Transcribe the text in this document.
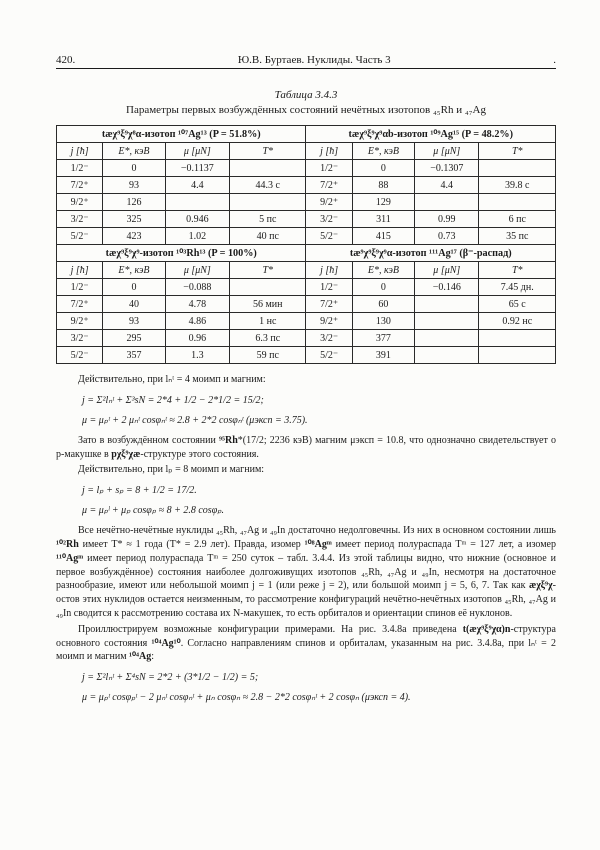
420.	Ю.В. Буртаев. Нуклиды. Часть 3	.
Таблица 3.4.3
Параметры первых возбуждённых состояний нечётных изотопов ₄₅Rh и ₄₇Ag
tæχ⁹ξ⁹χ⁸α-изотоп ¹⁰⁷Ag¹³ (P = 51.8%)				tæχ⁹ξ⁹χ⁹αb-изотоп ¹⁰⁹Ag¹⁵ (P = 48.2%)			
j [ħ]	E*, кэВ	μ [μN]	T*	j [ħ]	E*, кэВ	μ [μN]	T*
1/2⁻	0	−0.1137		1/2⁻	0	−0.1307	
7/2⁺	93	4.4	44.3 с	7/2⁺	88	4.4	39.8 с
9/2⁺	126			9/2⁺	129		
3/2⁻	325	0.946	5 пс	3/2⁻	311	0.99	6 пс
5/2⁻	423	1.02	40 пс	5/2⁻	415	0.73	35 пс
tæχ⁹ξ⁹χ⁹-изотоп ¹⁰³Rh¹³ (P = 100%)				tæ⁹χ⁹ξ⁹χ⁹α-изотоп ¹¹¹Ag¹⁷ (β⁻-распад)			
j [ħ]	E*, кэВ	μ [μN]	T*	j [ħ]	E*, кэВ	μ [μN]	T*
1/2⁻	0	−0.088		1/2⁻	0	−0.146	7.45 дн.
7/2⁺	40	4.78	56 мин	7/2⁺	60		65 с
9/2⁺	93	4.86	1 нс	9/2⁺	130		0.92 нс
3/2⁻	295	0.96	6.3 пс	3/2⁻	377		
5/2⁻	357	1.3	59 пс	5/2⁻	391		
Действительно, при lₙᵗ = 4 моимп и магним:
j = Σ²lₙᵗ + Σ³sN = 2*4 + 1/2 − 2*1/2 = 15/2;
μ = μₚᵗ + 2 μₙᵗ cosφₙᵗ ≈ 2.8 + 2*2 cosφₙᵗ (μэксп = 3.75).
Зато в возбуждённом состоянии ⁹⁵Rh*(17/2; 2236 кэВ) магним μэксп = 10.8, что однозначно свидетельствует о p-макушке в pχξ⁹χæ-структуре этого состояния.
Действительно, при lₚ = 8 моимп и магним:
j = lₚ + sₚ = 8 + 1/2 = 17/2.
μ = μₚˡ + μₚ cosφₚ ≈ 8 + 2.8 cosφₚ.
Все нечётно-нечётные нуклиды ₄₅Rh, ₄₇Ag и ₄₉In достаточно недолговечны. Из них в основном состоянии лишь ¹⁰²Rh имеет T* ≈ 1 года (T* = 2.9 лет). Правда, изомер ¹⁰⁸Agᵐ имеет период полураспада Tᵐ = 127 лет, а изомер ¹¹⁰Agᵐ имеет период полураспада Tᵐ = 250 суток – табл. 3.4.4. Из этой таблицы видно, что нижние (основное и первое возбуждённое) состояния наиболее долгоживущих изотопов ₄₅Rh, ₄₇Ag и ₄₉In, несмотря на достаточное разнообразие, имеют или небольшой моимп j = 1 (или реже j = 2), или большой моимп j = 5, 6, 7. Так как æχξ⁹χ-остов этих нуклидов остается неизменным, то рассмотрение конфигураций нечётно-нечётных изотопов ₄₅Rh, ₄₇Ag и ₄₉In сводится к рассмотрению состава их N-макушек, то есть орбиталов и ориентации спинов её нуклонов.
Проиллюстрируем возможные конфигурации примерами. На рис. 3.4.8а приведена t(æχ⁹ξ⁹χα)n-структура основного состояния ¹⁰⁴Ag¹⁰. Согласно направлениям спинов и орбиталам, указанным на рис. 3.4.8а, при lₙᵗ = 2 моимп и магним ¹⁰⁴Ag:
j = Σ²lₙᵗ + Σ⁴sN = 2*2 + (3*1/2 − 1/2) = 5;
μ = μₚᵗ cosφₚᵗ − 2 μₙᵗ cosφₙᵗ + μₙ cosφₙ ≈ 2.8 − 2*2 cosφₙᵗ + 2 cosφₙ (μэксп = 4).
